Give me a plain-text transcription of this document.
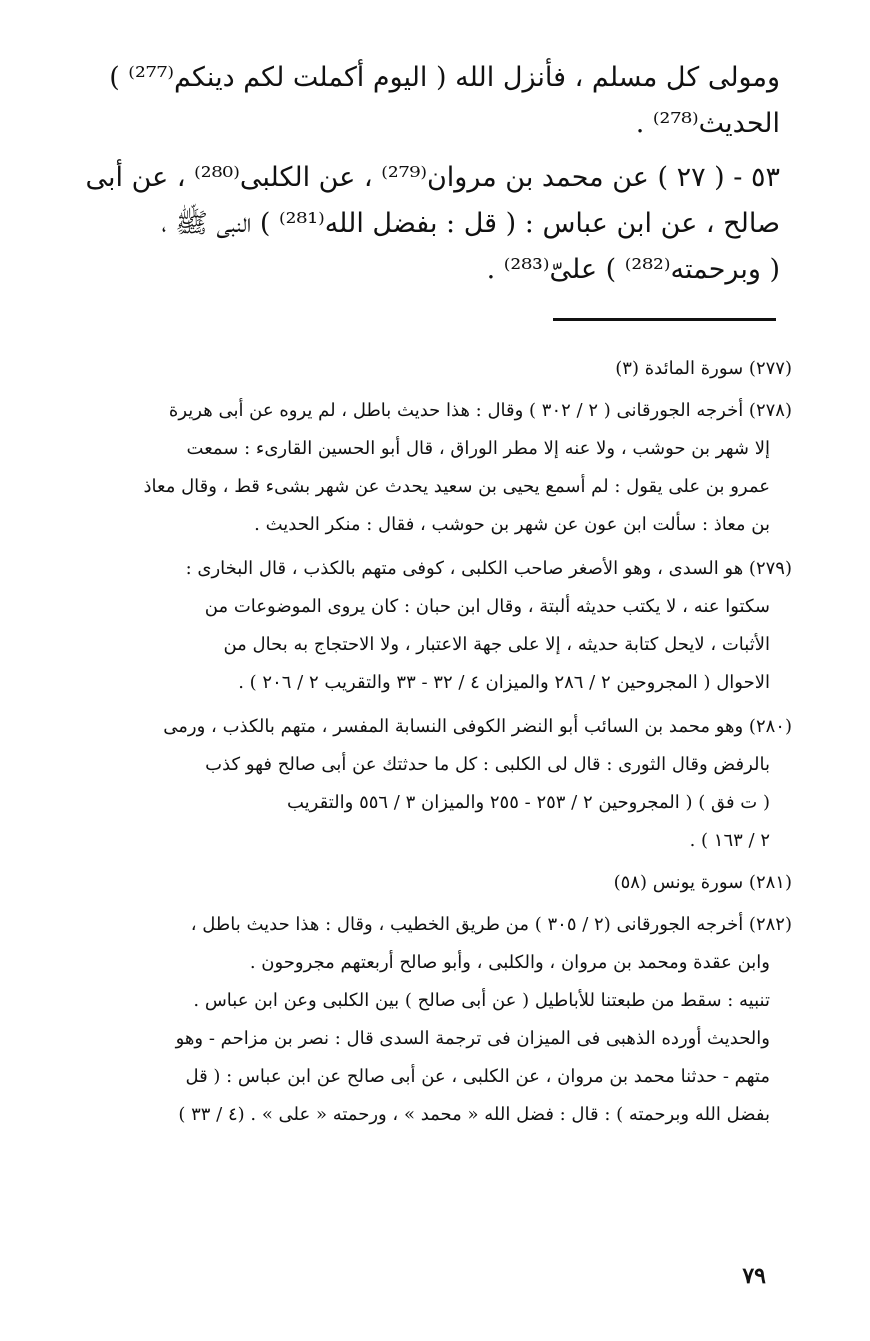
ومولى كل مسلم ، فأنزل الله ( اليوم أكملت لكم دينكم⁽²⁷⁷⁾ )
الحديث⁽²⁷⁸⁾ .
٥٣ - ( ٢٧ ) عن محمد بن مروان⁽²⁷⁹⁾ ، عن الكلبى⁽²⁸⁰⁾ ، عن أبى
صالح ، عن ابن عباس : ( قل : بفضل الله⁽²⁸¹⁾ ) النبى ﷺ ،
( وبرحمته⁽²⁸²⁾ ) علىّ⁽²⁸³⁾ .
(٢٧٧) سورة المائدة (٣)
(٢٧٨) أخرجه الجورقانى ( ٢ / ٣٠٢ ) وقال : هذا حديث باطل ، لم يروه عن أبى هريرة
إلا شهر بن حوشب ، ولا عنه إلا مطر الوراق ، قال أبو الحسين القارىء : سمعت
عمرو بن على يقول : لم أسمع يحيى بن سعيد يحدث عن شهر بشىء قط ، وقال معاذ
بن معاذ : سألت ابن عون عن شهر بن حوشب ، فقال : منكر الحديث .
(٢٧٩) هو السدى ، وهو الأصغر صاحب الكلبى ، كوفى متهم بالكذب ، قال البخارى :
سكتوا عنه ، لا يكتب حديثه ألبتة ، وقال ابن حبان : كان يروى الموضوعات من
الأثبات ، لايحل كتابة حديثه ، إلا على جهة الاعتبار ، ولا الاحتجاج به بحال من
الاحوال ( المجروحين ٢ / ٢٨٦ والميزان ٤ / ٣٢ - ٣٣ والتقريب ٢ / ٢٠٦ ) .
(٢٨٠) وهو محمد بن السائب أبو النضر الكوفى النسابة المفسر ، متهم بالكذب ، ورمى
بالرفض وقال الثورى : قال لى الكلبى : كل ما حدثتك عن أبى صالح فهو كذب
( ت فق ) ( المجروحين ٢ / ٢٥٣ - ٢٥٥ والميزان ٣ / ٥٥٦ والتقريب
٢ / ١٦٣ ) .
(٢٨١) سورة يونس (٥٨)
(٢٨٢) أخرجه الجورقانى (٢ / ٣٠٥ ) من طريق الخطيب ، وقال : هذا حديث باطل ،
وابن عقدة ومحمد بن مروان ، والكلبى ، وأبو صالح أربعتهم مجروحون .
تنبيه : سقط من طبعتنا للأباطيل ( عن أبى صالح ) بين الكلبى وعن ابن عباس .
والحديث أورده الذهبى فى الميزان فى ترجمة السدى قال : نصر بن مزاحم - وهو
متهم - حدثنا محمد بن مروان ، عن الكلبى ، عن أبى صالح عن ابن عباس : ( قل
بفضل الله وبرحمته ) : قال : فضل الله « محمد » ، ورحمته « على » . (٤ / ٣٣ )
٧٩
